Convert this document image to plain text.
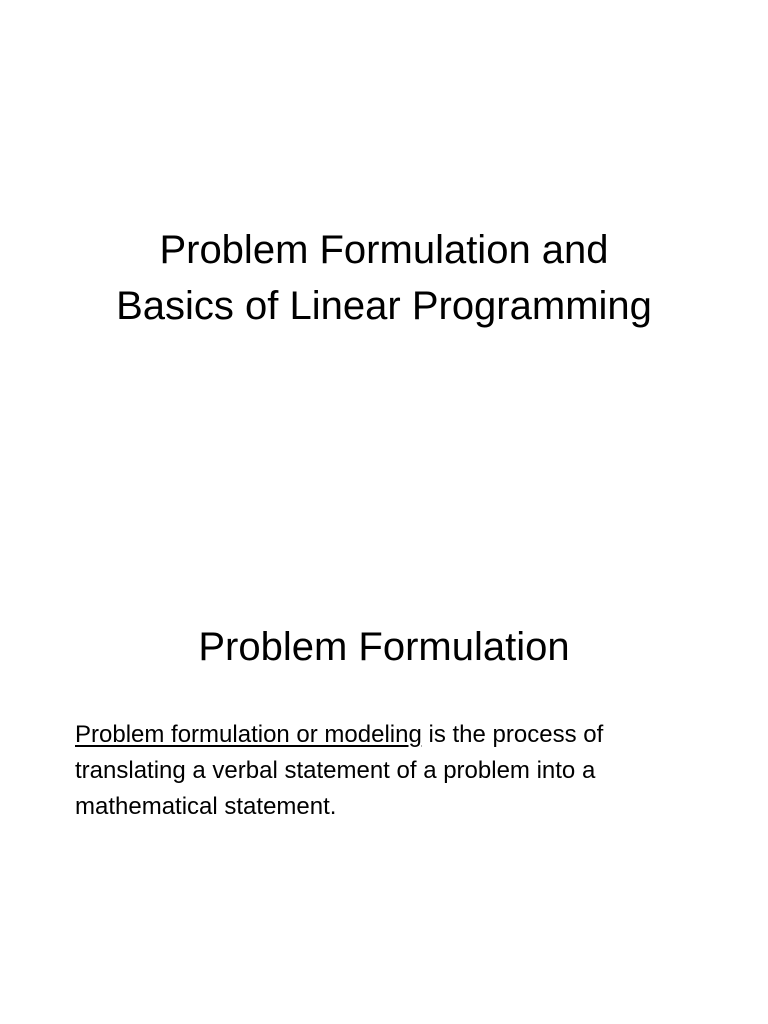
Problem Formulation and
Basics of Linear Programming
Problem Formulation

Problem formulation or modeling is the process of translating a verbal statement of a problem into a mathematical statement.
